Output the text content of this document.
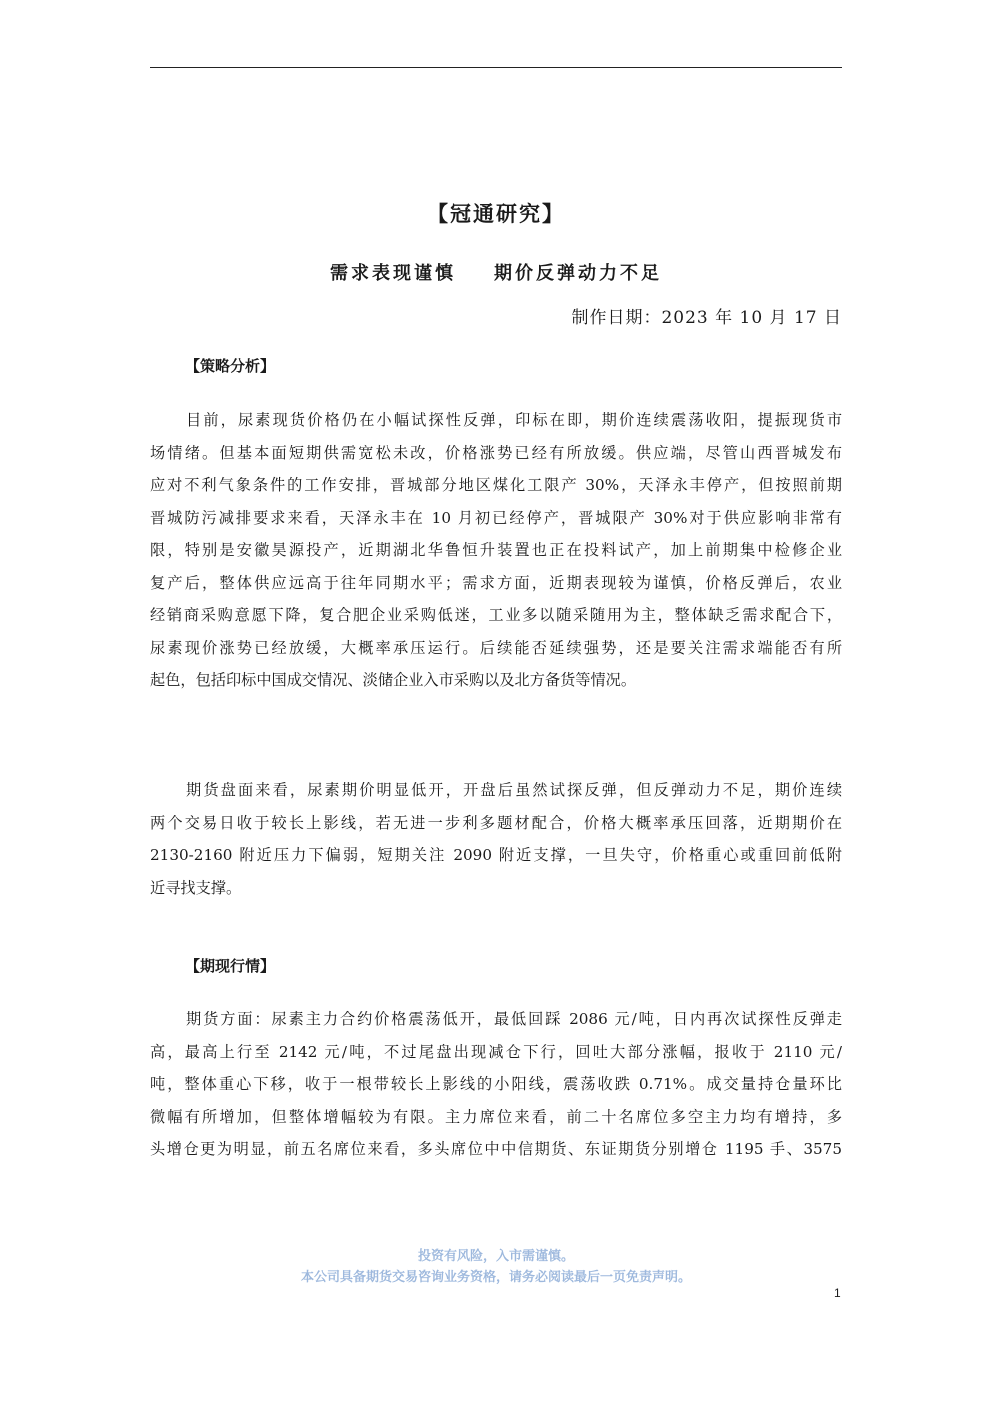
【冠通研究】
需求表现谨慎 期价反弹动力不足
制作日期：2023 年 10 月 17 日
【策略分析】
目前，尿素现货价格仍在小幅试探性反弹，印标在即，期价连续震荡收阳，提振现货市
场情绪。但基本面短期供需宽松未改，价格涨势已经有所放缓。供应端，尽管山西晋城发布
应对不利气象条件的工作安排，晋城部分地区煤化工限产 30%，天泽永丰停产，但按照前期
晋城防污减排要求来看，天泽永丰在 10 月初已经停产，晋城限产 30%对于供应影响非常有
限，特别是安徽昊源投产，近期湖北华鲁恒升装置也正在投料试产，加上前期集中检修企业
复产后，整体供应远高于往年同期水平；需求方面，近期表现较为谨慎，价格反弹后，农业
经销商采购意愿下降，复合肥企业采购低迷，工业多以随采随用为主，整体缺乏需求配合下，
尿素现价涨势已经放缓，大概率承压运行。后续能否延续强势，还是要关注需求端能否有所
起色，包括印标中国成交情况、淡储企业入市采购以及北方备货等情况。
期货盘面来看，尿素期价明显低开，开盘后虽然试探反弹，但反弹动力不足，期价连续
两个交易日收于较长上影线，若无进一步利多题材配合，价格大概率承压回落，近期期价在
2130-2160 附近压力下偏弱，短期关注 2090 附近支撑，一旦失守，价格重心或重回前低附
近寻找支撑。
【期现行情】
期货方面：尿素主力合约价格震荡低开，最低回踩 2086 元/吨，日内再次试探性反弹走
高，最高上行至 2142 元/吨，不过尾盘出现减仓下行，回吐大部分涨幅，报收于 2110 元/
吨，整体重心下移，收于一根带较长上影线的小阳线，震荡收跌 0.71%。成交量持仓量环比
微幅有所增加，但整体增幅较为有限。主力席位来看，前二十名席位多空主力均有增持，多
头增仓更为明显，前五名席位来看，多头席位中中信期货、东证期货分别增仓 1195 手、3575
投资有风险，入市需谨慎。
本公司具备期货交易咨询业务资格，请务必阅读最后一页免责声明。
1
